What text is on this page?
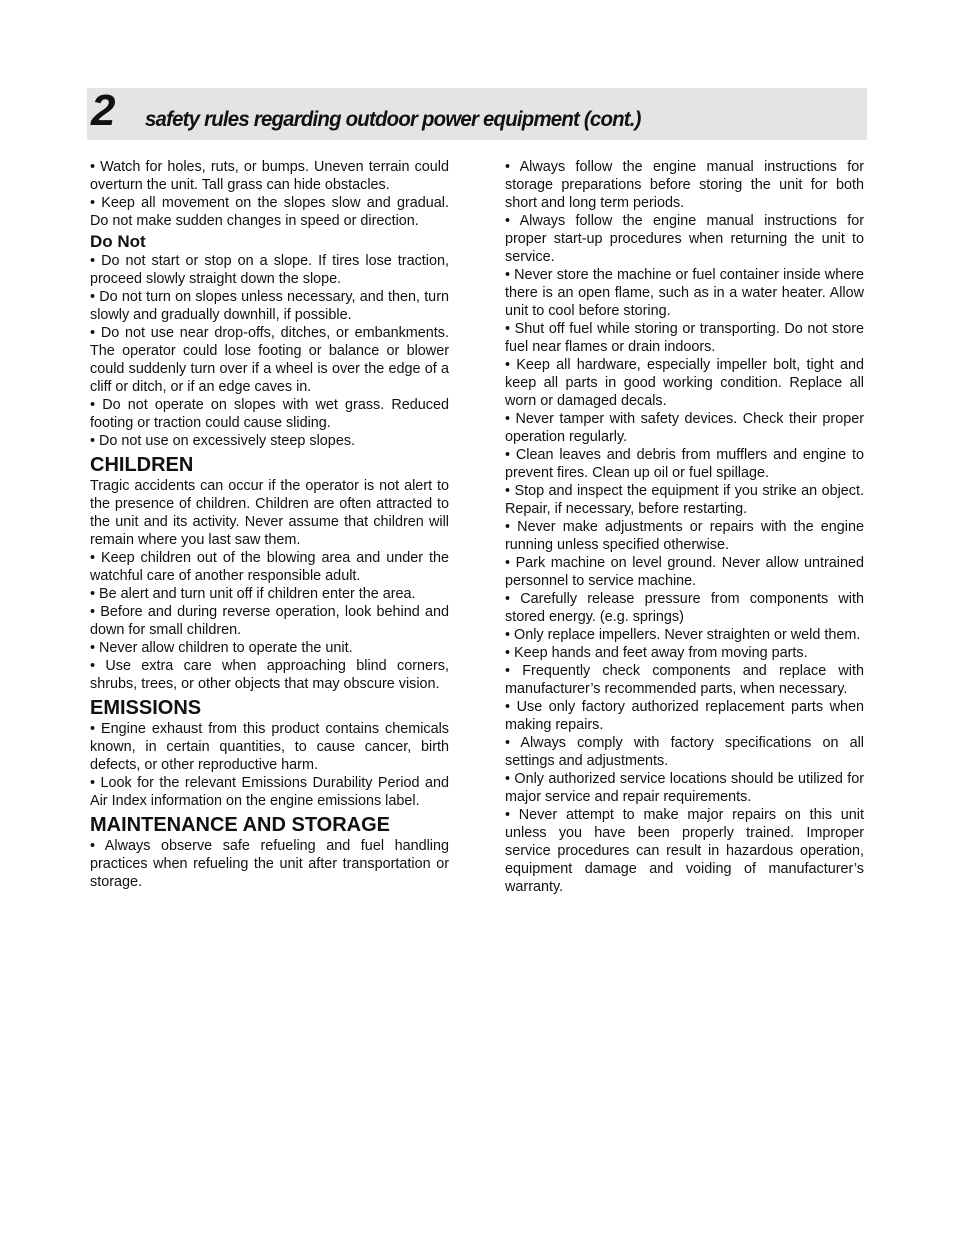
2 safety rules regarding outdoor power equipment (cont.)

• Watch for holes, ruts, or bumps. Uneven terrain could overturn the unit. Tall grass can hide obstacles.

• Keep all movement on the slopes slow and gradual. Do not make sudden changes in speed or direction.

Do Not

• Do not start or stop on a slope. If tires lose traction, proceed slowly straight down the slope.

• Do not turn on slopes unless necessary, and then, turn slowly and gradually downhill, if possible.

• Do not use near drop-offs, ditches, or embankments. The operator could lose footing or balance or blower could suddenly turn over if a wheel is over the edge of a cliff or ditch, or if an edge caves in.

• Do not operate on slopes with wet grass. Reduced footing or traction could cause sliding.

• Do not use on excessively steep slopes.

CHILDREN

Tragic accidents can occur if the operator is not alert to the presence of children. Children are often attracted to the unit and its activity. Never assume that children will remain where you last saw them.

• Keep children out of the blowing area and under the watchful care of another responsible adult.

• Be alert and turn unit off if children enter the area.

• Before and during reverse operation, look behind and down for small children.

• Never allow children to operate the unit.

• Use extra care when approaching blind corners, shrubs, trees, or other objects that may obscure vision.

EMISSIONS

• Engine exhaust from this product contains chemicals known, in certain quantities, to cause cancer, birth defects, or other reproductive harm.

• Look for the relevant Emissions Durability Period and Air Index information on the engine emissions label.

MAINTENANCE AND STORAGE

• Always observe safe refueling and fuel handling practices when refueling the unit after transportation or storage.

• Always follow the engine manual instructions for storage preparations before storing the unit for both short and long term periods.

• Always follow the engine manual instructions for proper start-up procedures when returning the unit to service.

• Never store the machine or fuel container inside where there is an open flame, such as in a water heater. Allow unit to cool before storing.

• Shut off fuel while storing or transporting. Do not store fuel near flames or drain indoors.

• Keep all hardware, especially impeller bolt, tight and keep all parts in good working condition. Replace all worn or damaged decals.

• Never tamper with safety devices. Check their proper operation regularly.

• Clean leaves and debris from mufflers and engine to prevent fires. Clean up oil or fuel spillage.

• Stop and inspect the equipment if you strike an object. Repair, if necessary, before restarting.

• Never make adjustments or repairs with the engine running unless specified otherwise.

• Park machine on level ground. Never allow untrained personnel to service machine.

• Carefully release pressure from components with stored energy. (e.g. springs)

• Only replace impellers. Never straighten or weld them.

• Keep hands and feet away from moving parts.

• Frequently check components and replace with manufacturer’s recommended parts, when necessary.

• Use only factory authorized replacement parts when making repairs.

• Always comply with factory specifications on all settings and adjustments.

• Only authorized service locations should be utilized for major service and repair requirements.

• Never attempt to make major repairs on this unit unless you have been properly trained. Improper service procedures can result in hazardous operation, equipment damage and voiding of manufacturer’s warranty.
